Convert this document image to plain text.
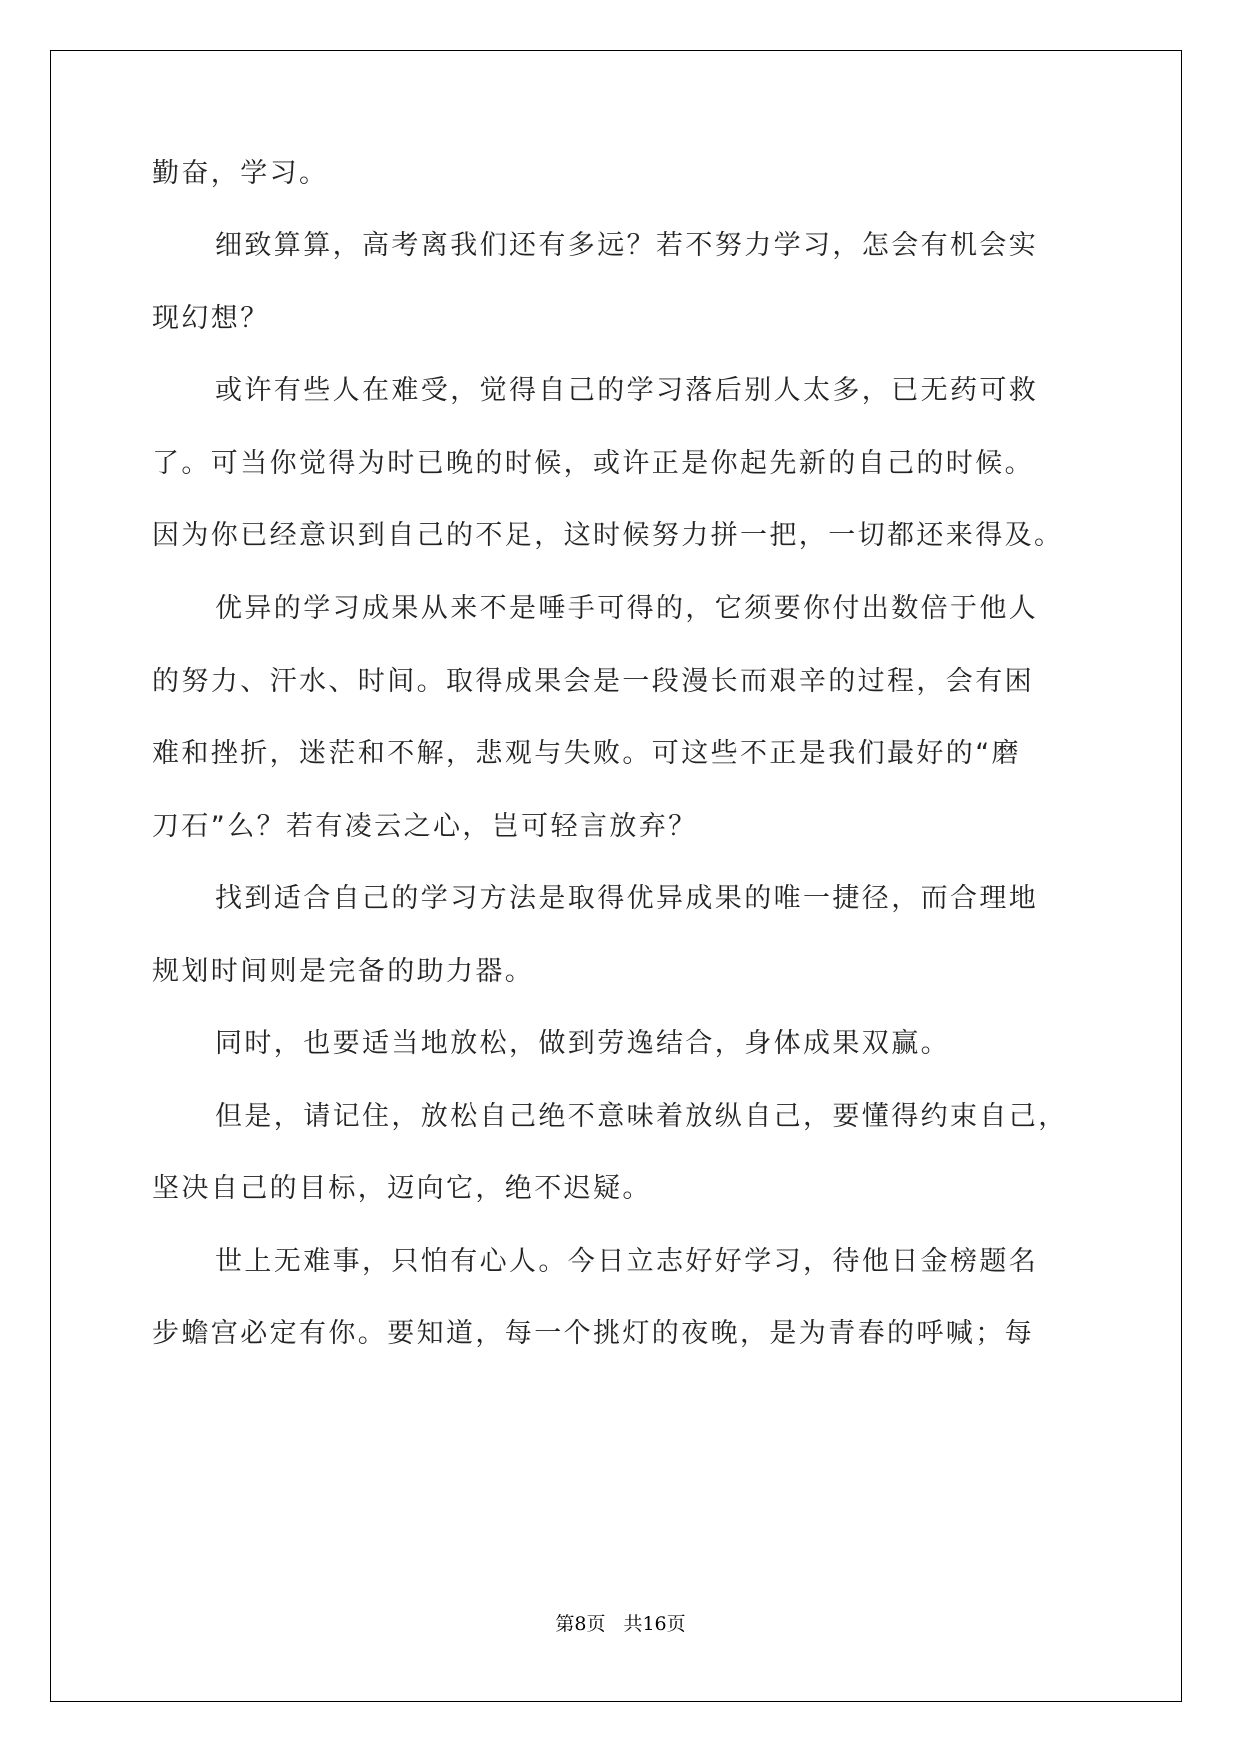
勤奋，学习。
细致算算，高考离我们还有多远？若不努力学习，怎会有机会实
现幻想？
或许有些人在难受，觉得自己的学习落后别人太多，已无药可救
了。可当你觉得为时已晚的时候，或许正是你起先新的自己的时候。
因为你已经意识到自己的不足，这时候努力拼一把，一切都还来得及。
优异的学习成果从来不是唾手可得的，它须要你付出数倍于他人
的努力、汗水、时间。取得成果会是一段漫长而艰辛的过程，会有困
难和挫折，迷茫和不解，悲观与失败。可这些不正是我们最好的“磨
刀石”么？若有凌云之心，岂可轻言放弃？
找到适合自己的学习方法是取得优异成果的唯一捷径，而合理地
规划时间则是完备的助力器。
同时，也要适当地放松，做到劳逸结合，身体成果双赢。
但是，请记住，放松自己绝不意味着放纵自己，要懂得约束自己，
坚决自己的目标，迈向它，绝不迟疑。
世上无难事，只怕有心人。今日立志好好学习，待他日金榜题名
步蟾宫必定有你。要知道，每一个挑灯的夜晚，是为青春的呼喊；每
第8页 共16页
